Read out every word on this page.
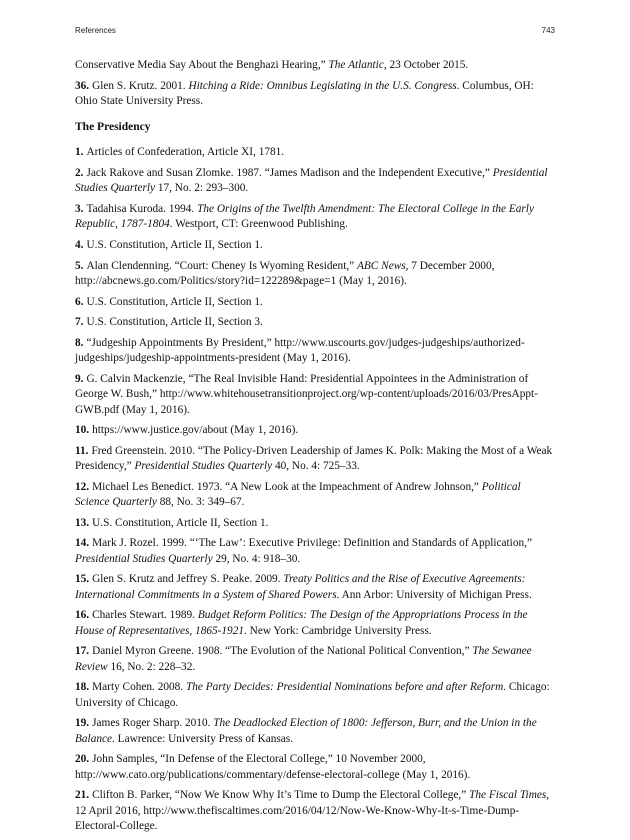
References	743

Conservative Media Say About the Benghazi Hearing,” The Atlantic, 23 October 2015.

36. Glen S. Krutz. 2001. Hitching a Ride: Omnibus Legislating in the U.S. Congress. Columbus, OH: Ohio State University Press.

The Presidency

1. Articles of Confederation, Article XI, 1781.

2. Jack Rakove and Susan Zlomke. 1987. “James Madison and the Independent Executive,” Presidential Studies Quarterly 17, No. 2: 293–300.

3. Tadahisa Kuroda. 1994. The Origins of the Twelfth Amendment: The Electoral College in the Early Republic, 1787-1804. Westport, CT: Greenwood Publishing.

4. U.S. Constitution, Article II, Section 1.

5. Alan Clendenning. “Court: Cheney Is Wyoming Resident,” ABC News, 7 December 2000, http://abcnews.go.com/Politics/story?id=122289&page=1 (May 1, 2016).

6. U.S. Constitution, Article II, Section 1.

7. U.S. Constitution, Article II, Section 3.

8. “Judgeship Appointments By President,” http://www.uscourts.gov/judges-judgeships/authorized-judgeships/judgeship-appointments-president (May 1, 2016).

9. G. Calvin Mackenzie, “The Real Invisible Hand: Presidential Appointees in the Administration of George W. Bush,” http://www.whitehousetransitionproject.org/wp-content/uploads/2016/03/PresAppt-GWB.pdf (May 1, 2016).

10. https://www.justice.gov/about (May 1, 2016).

11. Fred Greenstein. 2010. “The Policy-Driven Leadership of James K. Polk: Making the Most of a Weak Presidency,” Presidential Studies Quarterly 40, No. 4: 725–33.

12. Michael Les Benedict. 1973. “A New Look at the Impeachment of Andrew Johnson,” Political Science Quarterly 88, No. 3: 349–67.

13. U.S. Constitution, Article II, Section 1.

14. Mark J. Rozel. 1999. “‘The Law’: Executive Privilege: Definition and Standards of Application,” Presidential Studies Quarterly 29, No. 4: 918–30.

15. Glen S. Krutz and Jeffrey S. Peake. 2009. Treaty Politics and the Rise of Executive Agreements: International Commitments in a System of Shared Powers. Ann Arbor: University of Michigan Press.

16. Charles Stewart. 1989. Budget Reform Politics: The Design of the Appropriations Process in the House of Representatives, 1865-1921. New York: Cambridge University Press.

17. Daniel Myron Greene. 1908. “The Evolution of the National Political Convention,” The Sewanee Review 16, No. 2: 228–32.

18. Marty Cohen. 2008. The Party Decides: Presidential Nominations before and after Reform. Chicago: University of Chicago.

19. James Roger Sharp. 2010. The Deadlocked Election of 1800: Jefferson, Burr, and the Union in the Balance. Lawrence: University Press of Kansas.

20. John Samples, “In Defense of the Electoral College,” 10 November 2000, http://www.cato.org/publications/commentary/defense-electoral-college (May 1, 2016).

21. Clifton B. Parker, “Now We Know Why It’s Time to Dump the Electoral College,” The Fiscal Times, 12 April 2016, http://www.thefiscaltimes.com/2016/04/12/Now-We-Know-Why-It-s-Time-Dump-Electoral-College.
